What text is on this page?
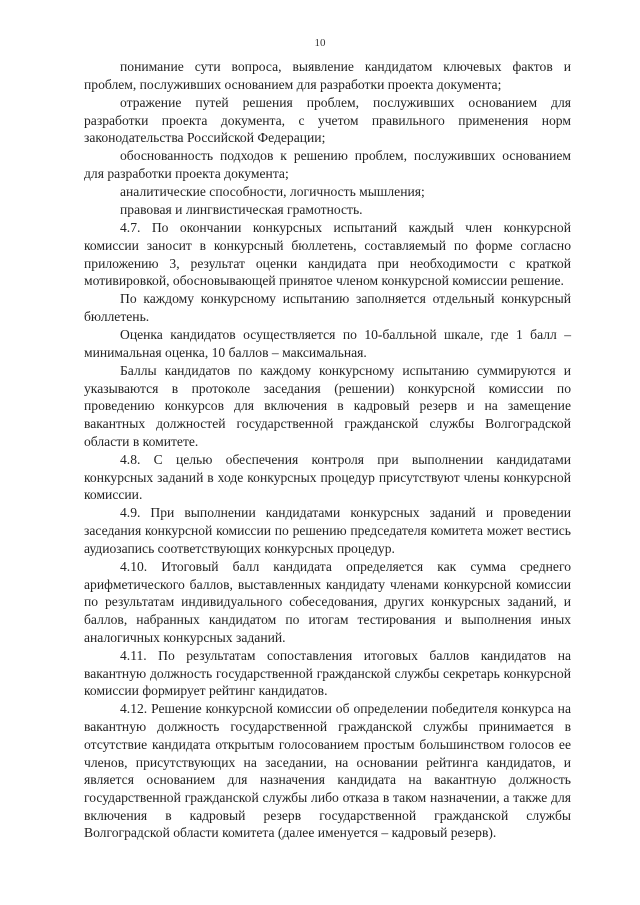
10

понимание сути вопроса, выявление кандидатом ключевых фактов и проблем, послуживших основанием для разработки проекта документа;

отражение путей решения проблем, послуживших основанием для разработки проекта документа, с учетом правильного применения норм законодательства Российской Федерации;

обоснованность подходов к решению проблем, послуживших основанием для разработки проекта документа;

аналитические способности, логичность мышления;

правовая и лингвистическая грамотность.

4.7. По окончании конкурсных испытаний каждый член конкурсной комиссии заносит в конкурсный бюллетень, составляемый по форме согласно приложению 3, результат оценки кандидата при необходимости с краткой мотивировкой, обосновывающей принятое членом конкурсной комиссии решение.

По каждому конкурсному испытанию заполняется отдельный конкурсный бюллетень.

Оценка кандидатов осуществляется по 10-балльной шкале, где 1 балл – минимальная оценка, 10 баллов – максимальная.

Баллы кандидатов по каждому конкурсному испытанию суммируются и указываются в протоколе заседания (решении) конкурсной комиссии по проведению конкурсов для включения в кадровый резерв и на замещение вакантных должностей государственной гражданской службы Волгоградской области в комитете.

4.8. С целью обеспечения контроля при выполнении кандидатами конкурсных заданий в ходе конкурсных процедур присутствуют члены конкурсной комиссии.

4.9. При выполнении кандидатами конкурсных заданий и проведении заседания конкурсной комиссии по решению председателя комитета может вестись аудиозапись соответствующих конкурсных процедур.

4.10. Итоговый балл кандидата определяется как сумма среднего арифметического баллов, выставленных кандидату членами конкурсной комиссии по результатам индивидуального собеседования, других конкурсных заданий, и баллов, набранных кандидатом по итогам тестирования и выполнения иных аналогичных конкурсных заданий.

4.11. По результатам сопоставления итоговых баллов кандидатов на вакантную должность государственной гражданской службы секретарь конкурсной комиссии формирует рейтинг кандидатов.

4.12. Решение конкурсной комиссии об определении победителя конкурса на вакантную должность государственной гражданской службы принимается в отсутствие кандидата открытым голосованием простым большинством голосов ее членов, присутствующих на заседании, на основании рейтинга кандидатов, и является основанием для назначения кандидата на вакантную должность государственной гражданской службы либо отказа в таком назначении, а также для включения в кадровый резерв государственной гражданской службы Волгоградской области комитета (далее именуется – кадровый резерв).
